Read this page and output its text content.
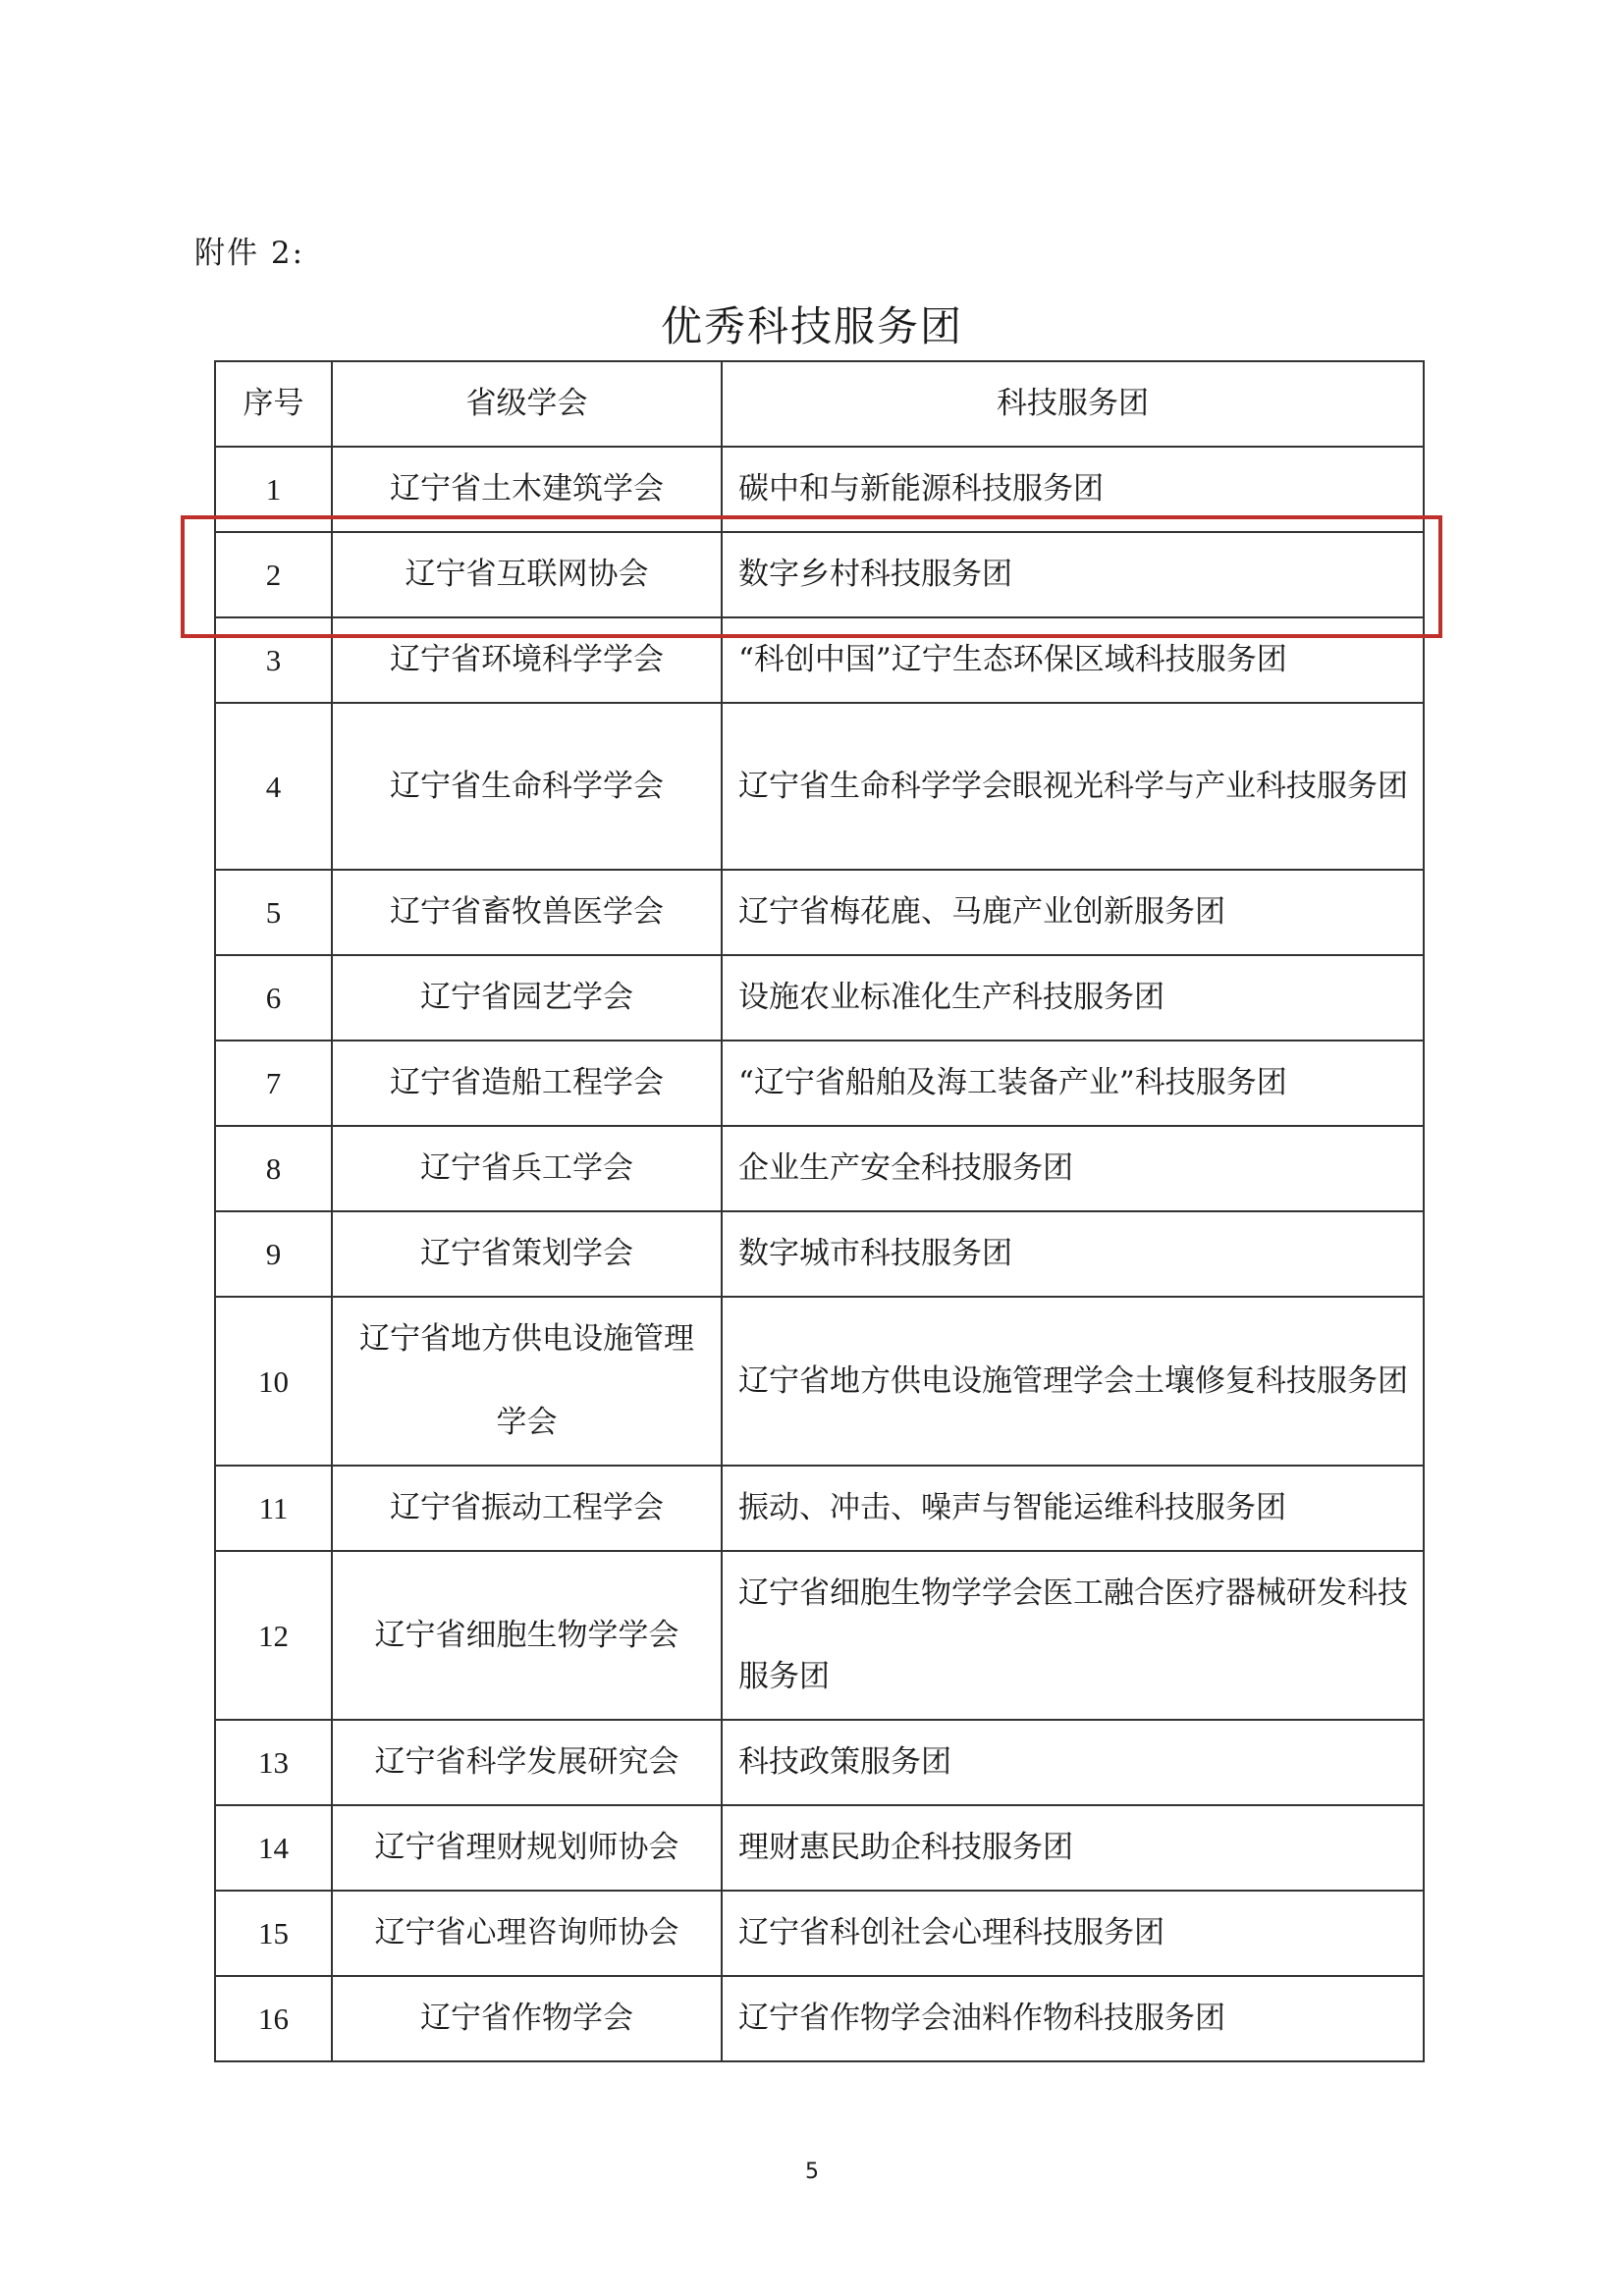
附件 2:
优秀科技服务团
序号	省级学会	科技服务团
1	辽宁省土木建筑学会	碳中和与新能源科技服务团
2	辽宁省互联网协会	数字乡村科技服务团
3	辽宁省环境科学学会	“科创中国”辽宁生态环保区域科技服务团
4	辽宁省生命科学学会	辽宁省生命科学学会眼视光科学与产业科技服务团
5	辽宁省畜牧兽医学会	辽宁省梅花鹿、马鹿产业创新服务团
6	辽宁省园艺学会	设施农业标准化生产科技服务团
7	辽宁省造船工程学会	“辽宁省船舶及海工装备产业”科技服务团
8	辽宁省兵工学会	企业生产安全科技服务团
9	辽宁省策划学会	数字城市科技服务团
10	辽宁省地方供电设施管理学会	辽宁省地方供电设施管理学会土壤修复科技服务团
11	辽宁省振动工程学会	振动、冲击、噪声与智能运维科技服务团
12	辽宁省细胞生物学学会	辽宁省细胞生物学学会医工融合医疗器械研发科技服务团
13	辽宁省科学发展研究会	科技政策服务团
14	辽宁省理财规划师协会	理财惠民助企科技服务团
15	辽宁省心理咨询师协会	辽宁省科创社会心理科技服务团
16	辽宁省作物学会	辽宁省作物学会油料作物科技服务团
5
